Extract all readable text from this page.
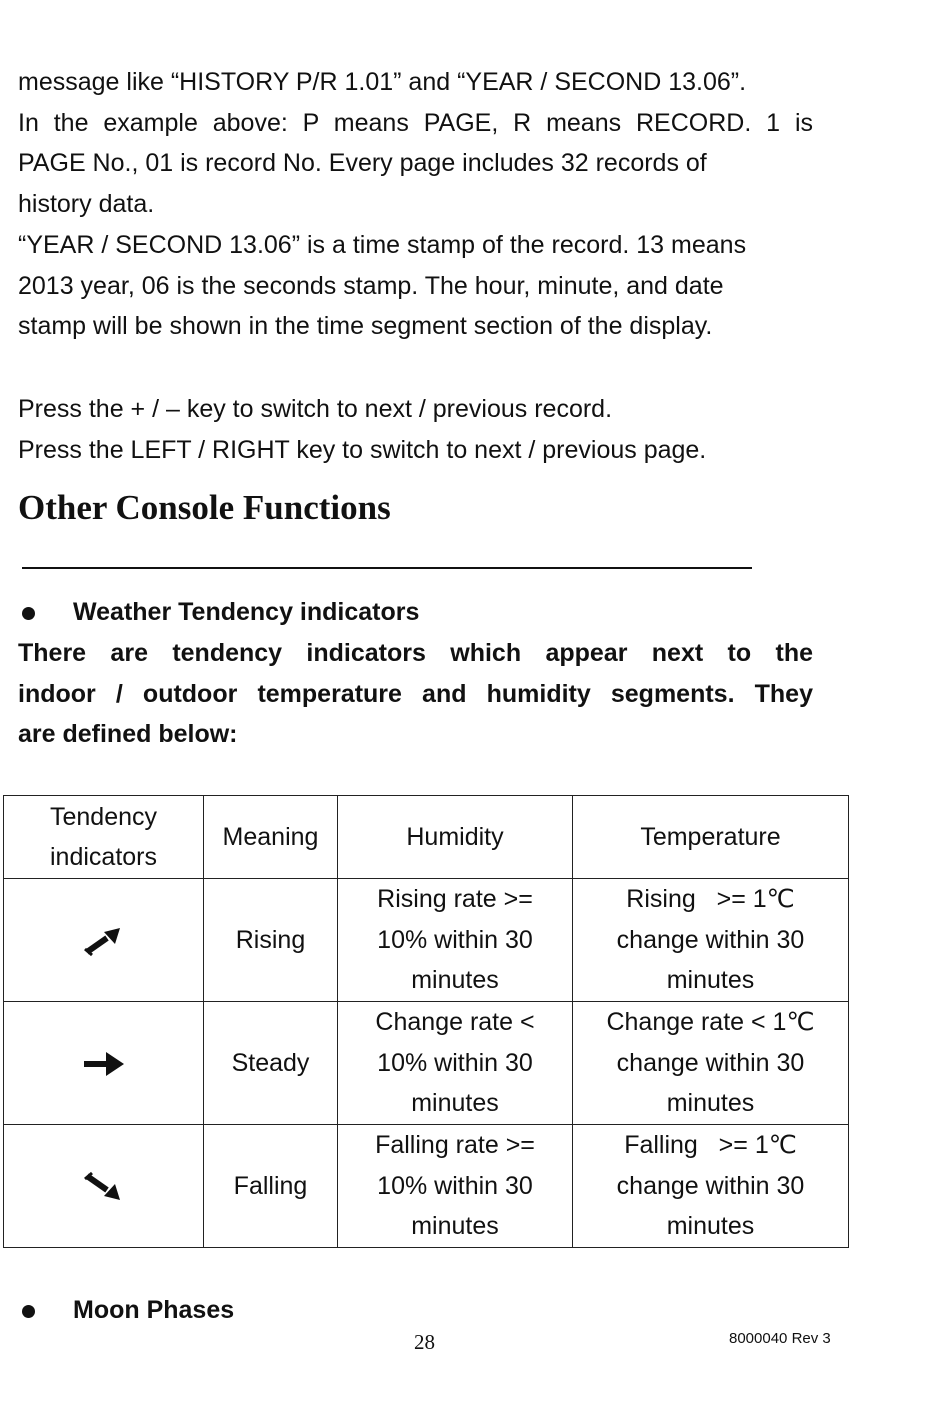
message like “HISTORY P/R 1.01” and “YEAR / SECOND 13.06”.
In the example above: P means PAGE, R means RECORD. 1 is
PAGE No., 01 is record No. Every page includes 32 records of
history data.
“YEAR / SECOND 13.06” is a time stamp of the record. 13 means
2013 year, 06 is the seconds stamp. The hour, minute, and date
stamp will be shown in the time segment section of the display.
Press the + / – key to switch to next / previous record.
Press the LEFT / RIGHT key to switch to next / previous page.
Other Console Functions
Weather Tendency indicators
There are tendency indicators which appear next to the
indoor / outdoor temperature and humidity segments. They
are defined below:
Tendency indicators	Meaning	Humidity	Temperature
	Rising	Rising rate >= 10% within 30 minutes	Rising   >= 1℃ change within 30 minutes

	Steady	Change rate < 10% within 30 minutes	Change rate < 1℃ change within 30 minutes

	Falling	Falling rate >= 10% within 30 minutes	Falling   >= 1℃ change within 30 minutes
Moon Phases
28	8000040 Rev 3
